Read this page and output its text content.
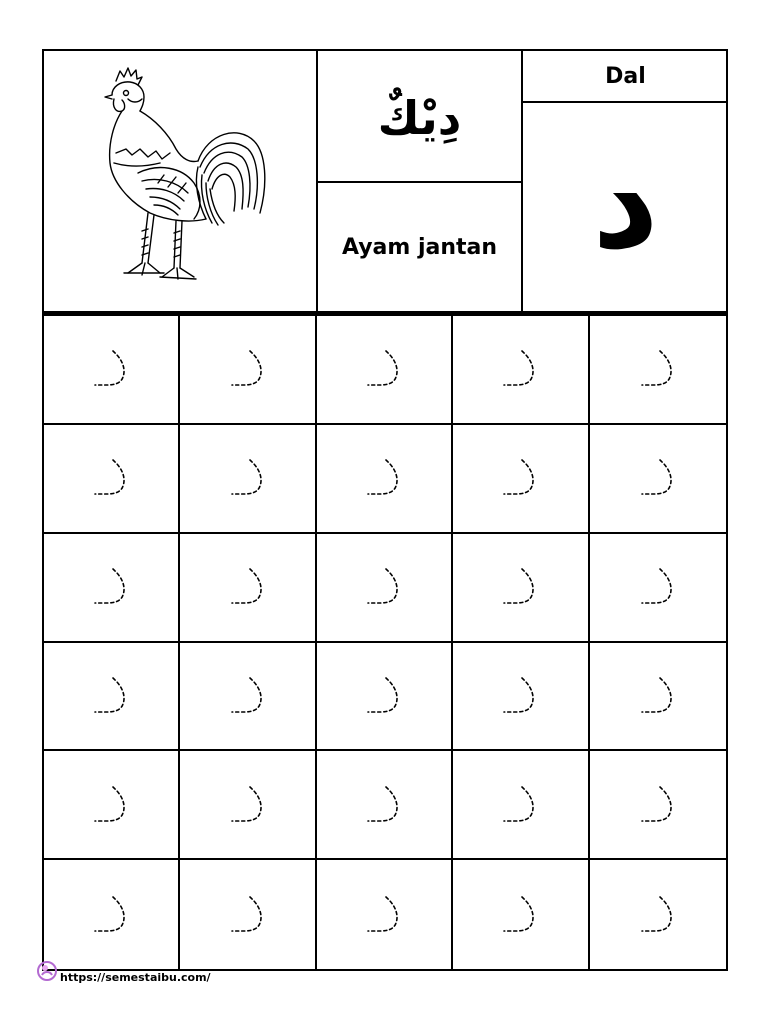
دِيْكٌ
Ayam jantan
Dal
د
https://semestaibu.com/
